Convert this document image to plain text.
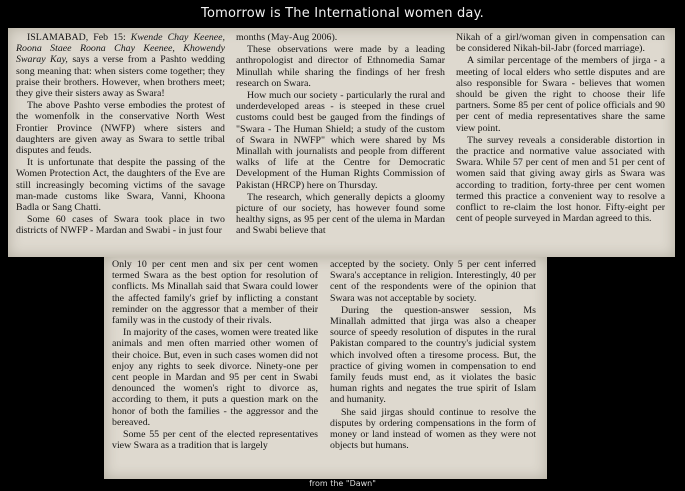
Tomorrow is The International women day.

ISLAMABAD, Feb 15: Kwende Chay Keenee, Roona Staee Roona Chay Keenee, Khowendy Swaray Kay, says a verse from a Pashto wedding song meaning that: when sisters come together; they praise their brothers. However, when brothers meet; they give their sisters away as Swara!

The above Pashto verse embodies the protest of the womenfolk in the conservative North West Frontier Province (NWFP) where sisters and daughters are given away as Swara to settle tribal disputes and feuds.

It is unfortunate that despite the passing of the Women Protection Act, the daughters of the Eve are still increasingly becoming victims of the savage man-made customs like Swara, Vanni, Khoona Badla or Sang Chatti.

Some 60 cases of Swara took place in two districts of NWFP - Mardan and Swabi - in just four

months (May-Aug 2006).

These observations were made by a leading anthropologist and director of Ethnomedia Samar Minullah while sharing the findings of her fresh research on Swara.

How much our society - particularly the rural and underdeveloped areas - is steeped in these cruel customs could best be gauged from the findings of "Swara - The Human Shield; a study of the custom of Swara in NWFP" which were shared by Ms Minallah with journalists and people from different walks of life at the Centre for Democratic Development of the Human Rights Commission of Pakistan (HRCP) here on Thursday.

The research, which generally depicts a gloomy picture of our society, has however found some healthy signs, as 95 per cent of the ulema in Mardan and Swabi believe that

Nikah of a girl/woman given in compensation can be considered Nikah-bil-Jabr (forced marriage).

A similar percentage of the members of jirga - a meeting of local elders who settle disputes and are also responsible for Swara - believes that women should be given the right to choose their life partners. Some 85 per cent of police officials and 90 per cent of media representatives share the same view point.

The survey reveals a considerable distortion in the practice and normative value associated with Swara. While 57 per cent of men and 51 per cent of women said that giving away girls as Swara was according to tradition, forty-three per cent women termed this practice a convenient way to resolve a conflict to re-claim the lost honor. Fifty-eight per cent of people surveyed in Mardan agreed to this.

Only 10 per cent men and six per cent women termed Swara as the best option for resolution of conflicts. Ms Minallah said that Swara could lower the affected family's grief by inflicting a constant reminder on the aggressor that a member of their family was in the custody of their rivals.

In majority of the cases, women were treated like animals and men often married other women of their choice. But, even in such cases women did not enjoy any rights to seek divorce. Ninety-one per cent people in Mardan and 95 per cent in Swabi denounced the women's right to divorce as, according to them, it puts a question mark on the honor of both the families - the aggressor and the bereaved.

Some 55 per cent of the elected representatives view Swara as a tradition that is largely

accepted by the society. Only 5 per cent inferred Swara's acceptance in religion. Interestingly, 40 per cent of the respondents were of the opinion that Swara was not acceptable by society.

During the question-answer session, Ms Minallah admitted that jirga was also a cheaper source of speedy resolution of disputes in the rural Pakistan compared to the country's judicial system which involved often a tiresome process. But, the practice of giving women in compensation to end family feuds must end, as it violates the basic human rights and negates the true spirit of Islam and humanity.

She said jirgas should continue to resolve the disputes by ordering compensations in the form of money or land instead of women as they were not objects but humans.

from the "Dawn"
